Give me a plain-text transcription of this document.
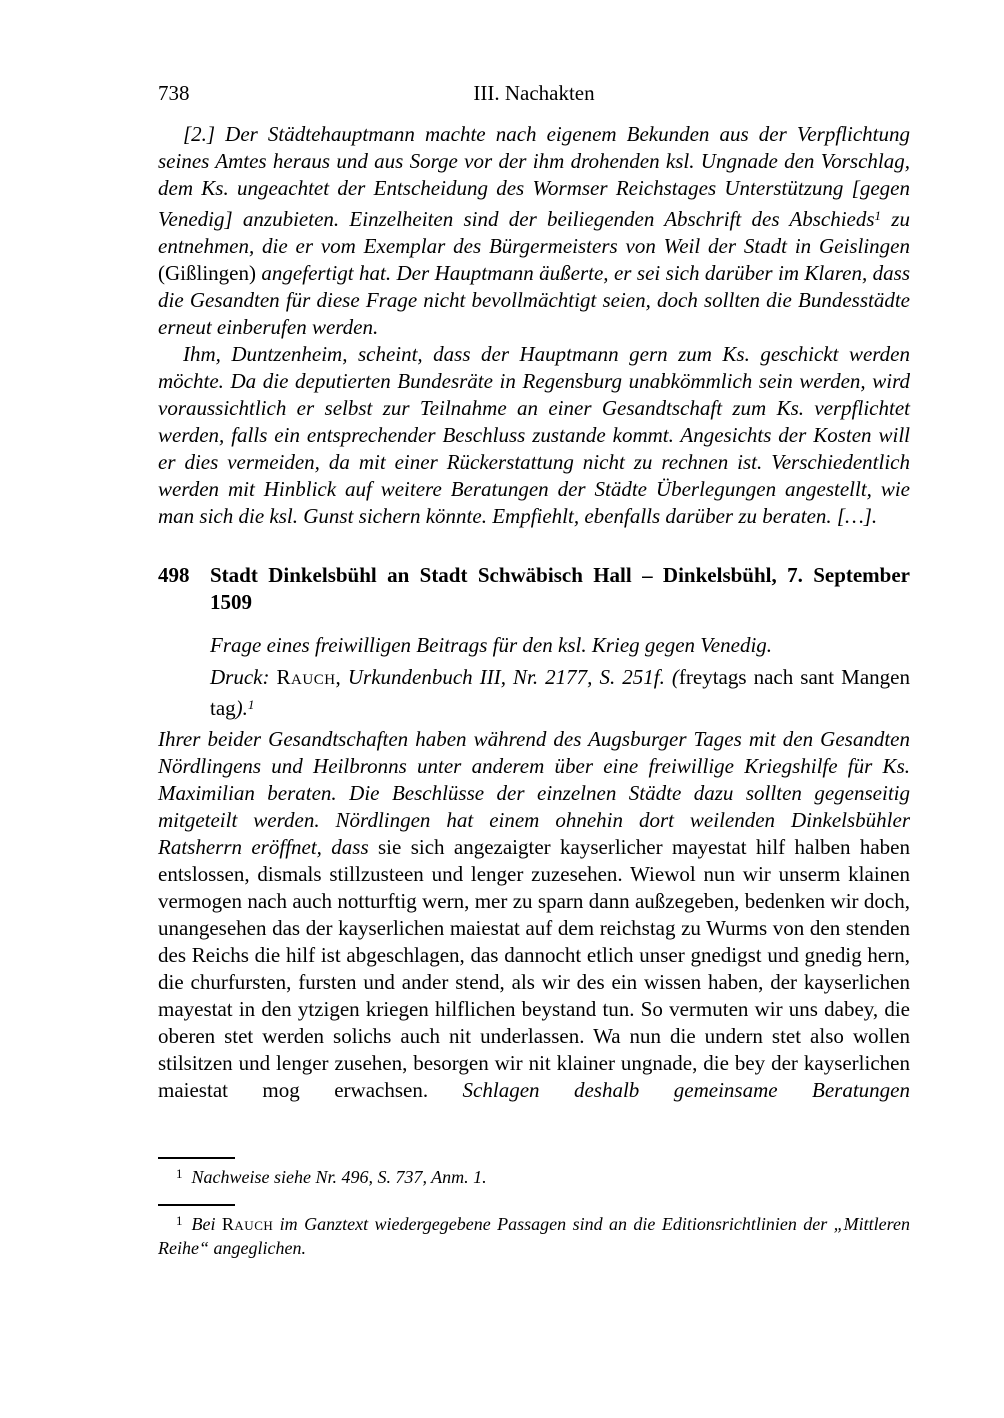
738	III. Nachakten

[2.] Der Städtehauptmann machte nach eigenem Bekunden aus der Verpflichtung seines Amtes heraus und aus Sorge vor der ihm drohenden ksl. Ungnade den Vorschlag, dem Ks. ungeachtet der Entscheidung des Wormser Reichstages Unterstützung [gegen Venedig] anzubieten. Einzelheiten sind der beiliegenden Abschrift des Abschieds$^1$ zu entnehmen, die er vom Exemplar des Bürgermeisters von Weil der Stadt in Geislingen (Gißlingen) angefertigt hat. Der Hauptmann äußerte, er sei sich darüber im Klaren, dass die Gesandten für diese Frage nicht bevollmächtigt seien, doch sollten die Bundesstädte erneut einberufen werden.

Ihm, Duntzenheim, scheint, dass der Hauptmann gern zum Ks. geschickt werden möchte. Da die deputierten Bundesräte in Regensburg unabkömmlich sein werden, wird voraussichtlich er selbst zur Teilnahme an einer Gesandtschaft zum Ks. verpflichtet werden, falls ein entsprechender Beschluss zustande kommt. Angesichts der Kosten will er dies vermeiden, da mit einer Rückerstattung nicht zu rechnen ist. Verschiedentlich werden mit Hinblick auf weitere Beratungen der Städte Überlegungen angestellt, wie man sich die ksl. Gunst sichern könnte. Empfiehlt, ebenfalls darüber zu beraten. […].

498 Stadt Dinkelsbühl an Stadt Schwäbisch Hall – Dinkelsbühl, 7. September 1509

Frage eines freiwilligen Beitrags für den ksl. Krieg gegen Venedig.

Druck: Rauch, Urkundenbuch III, Nr. 2177, S. 251f. (freytags nach sant Mangen tag).$^1$

Ihrer beider Gesandtschaften haben während des Augsburger Tages mit den Gesandten Nördlingens und Heilbronns unter anderem über eine freiwillige Kriegshilfe für Ks. Maximilian beraten. Die Beschlüsse der einzelnen Städte dazu sollten gegenseitig mitgeteilt werden. Nördlingen hat einem ohnehin dort weilenden Dinkelsbühler Ratsherrn eröffnet, dass sie sich angezaigter kayserlicher mayestat hilf halben haben entslossen, dismals stillzusteen und lenger zuzesehen. Wiewol nun wir unserm klainen vermogen nach auch notturftig wern, mer zu sparn dann außzegeben, bedenken wir doch, unangesehen das der kayserlichen maiestat auf dem reichstag zu Wurms von den stenden des Reichs die hilf ist abgeschlagen, das dannocht etlich unser gnedigst und gnedig hern, die churfursten, fursten und ander stend, als wir des ein wissen haben, der kayserlichen mayestat in den ytzigen kriegen hilflichen beystand tun. So vermuten wir uns dabey, die oberen stet werden solichs auch nit underlassen. Wa nun die undern stet also wollen stilsitzen und lenger zusehen, besorgen wir nit klainer ungnade, die bey der kayserlichen maiestat mog erwachsen. Schlagen deshalb gemeinsame Beratungen

$^1$ Nachweise siehe Nr. 496, S. 737, Anm. 1.

$^1$ Bei Rauch im Ganztext wiedergegebene Passagen sind an die Editionsrichtlinien der „Mittleren Reihe“ angeglichen.
